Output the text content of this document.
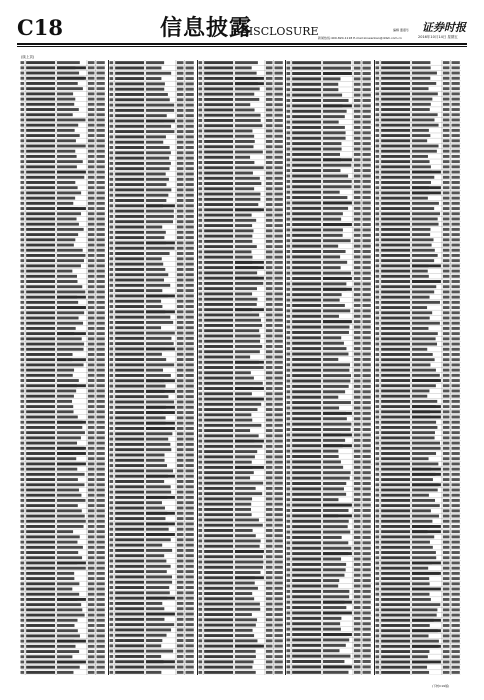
C18	信息披露
DISCLOSURE	编辑 董嘉乐
新闻热线:400-820-1118 E-mail:xinwenlian@ddsh.com.cn
证券时报
2016年10月14日 星期五
(续上页)
(下转C19版)
